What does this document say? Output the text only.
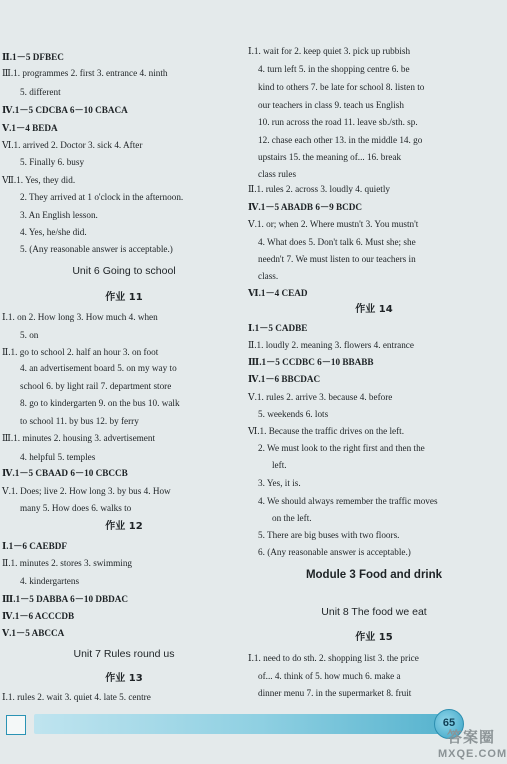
Ⅱ.1－5 DFBEC
Ⅲ.1. programmes 2. first 3. entrance 4. ninth
5. different
Ⅳ.1－5 CDCBA 6－10 CBACA
Ⅴ.1－4 BEDA
Ⅵ.1. arrived 2. Doctor 3. sick 4. After
5. Finally 6. busy
Ⅶ.1. Yes, they did.
2. They arrived at 1 o'clock in the afternoon.
3. An English lesson.
4. Yes, he/she did.
5. (Any reasonable answer is acceptable.)
Unit 6 Going to school
作业 11
Ⅰ.1. on 2. How long 3. How much 4. when
5. on
Ⅱ.1. go to school 2. half an hour 3. on foot
4. an advertisement board 5. on my way to
school 6. by light rail 7. department store
8. go to kindergarten 9. on the bus 10. walk
to school 11. by bus 12. by ferry
Ⅲ.1. minutes 2. housing 3. advertisement
4. helpful 5. temples
Ⅳ.1－5 CBAAD 6－10 CBCCB
Ⅴ.1. Does; live 2. How long 3. by bus 4. How
many 5. How does 6. walks to
作业 12
Ⅰ.1－6 CAEBDF
Ⅱ.1. minutes 2. stores 3. swimming
4. kindergartens
Ⅲ.1－5 DABBA 6－10 DBDAC
Ⅳ.1－6 ACCCDB
Ⅴ.1－5 ABCCA
Unit 7 Rules round us
作业 13
Ⅰ.1. rules 2. wait 3. quiet 4. late 5. centre
Ⅰ.1. wait for 2. keep quiet 3. pick up rubbish
4. turn left 5. in the shopping centre 6. be
kind to others 7. be late for school 8. listen to
our teachers in class 9. teach us English
10. run across the road 11. leave sb./sth. sp.
12. chase each other 13. in the middle 14. go
upstairs 15. the meaning of... 16. break
class rules
Ⅱ.1. rules 2. across 3. loudly 4. quietly
Ⅳ.1－5 ABADB 6－9 BCDC
Ⅴ.1. or; when 2. Where mustn't 3. You mustn't
4. What does 5. Don't talk 6. Must she; she
needn't 7. We must listen to our teachers in
class.
Ⅵ.1－4 CEAD
作业 14
Ⅰ.1－5 CADBE
Ⅱ.1. loudly 2. meaning 3. flowers 4. entrance
Ⅲ.1－5 CCDBC 6－10 BBABB
Ⅳ.1－6 BBCDAC
Ⅴ.1. rules 2. arrive 3. because 4. before
5. weekends 6. lots
Ⅵ.1. Because the traffic drives on the left.
2. We must look to the right first and then the
left.
3. Yes, it is.
4. We should always remember the traffic moves
on the left.
5. There are big buses with two floors.
6. (Any reasonable answer is acceptable.)
Module 3 Food and drink
Unit 8 The food we eat
作业 15
Ⅰ.1. need to do sth. 2. shopping list 3. the price
of... 4. think of 5. how much 6. make a
dinner menu 7. in the supermarket 8. fruit
65
答案圈
MXQE.COM
